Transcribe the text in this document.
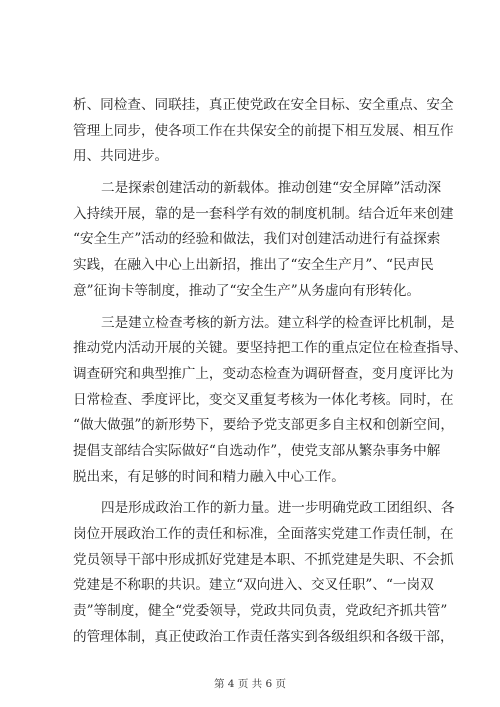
析、同检查、同联挂，真正使党政在安全目标、安全重点、安全
管理上同步，使各项工作在共保安全的前提下相互发展、相互作
用、共同进步。
二是探索创建活动的新载体。推动创建“安全屏障”活动深
入持续开展，靠的是一套科学有效的制度机制。结合近年来创建
“安全生产”活动的经验和做法，我们对创建活动进行有益探索
实践，在融入中心上出新招，推出了“安全生产月”、“民声民
意”征询卡等制度，推动了“安全生产”从务虚向有形转化。
三是建立检查考核的新方法。建立科学的检查评比机制，是
推动党内活动开展的关键。要坚持把工作的重点定位在检查指导、
调查研究和典型推广上，变动态检查为调研督查，变月度评比为
日常检查、季度评比，变交叉重复考核为一体化考核。同时，在
“做大做强”的新形势下，要给予党支部更多自主权和创新空间，
提倡支部结合实际做好“自选动作”，使党支部从繁杂事务中解
脱出来，有足够的时间和精力融入中心工作。
四是形成政治工作的新力量。进一步明确党政工团组织、各
岗位开展政治工作的责任和标准，全面落实党建工作责任制，在
党员领导干部中形成抓好党建是本职、不抓党建是失职、不会抓
党建是不称职的共识。建立“双向进入、交叉任职”、“一岗双
责”等制度，健全“党委领导，党政共同负责，党政纪齐抓共管”
的管理体制，真正使政治工作责任落实到各级组织和各级干部，
第 4 页 共 6 页
